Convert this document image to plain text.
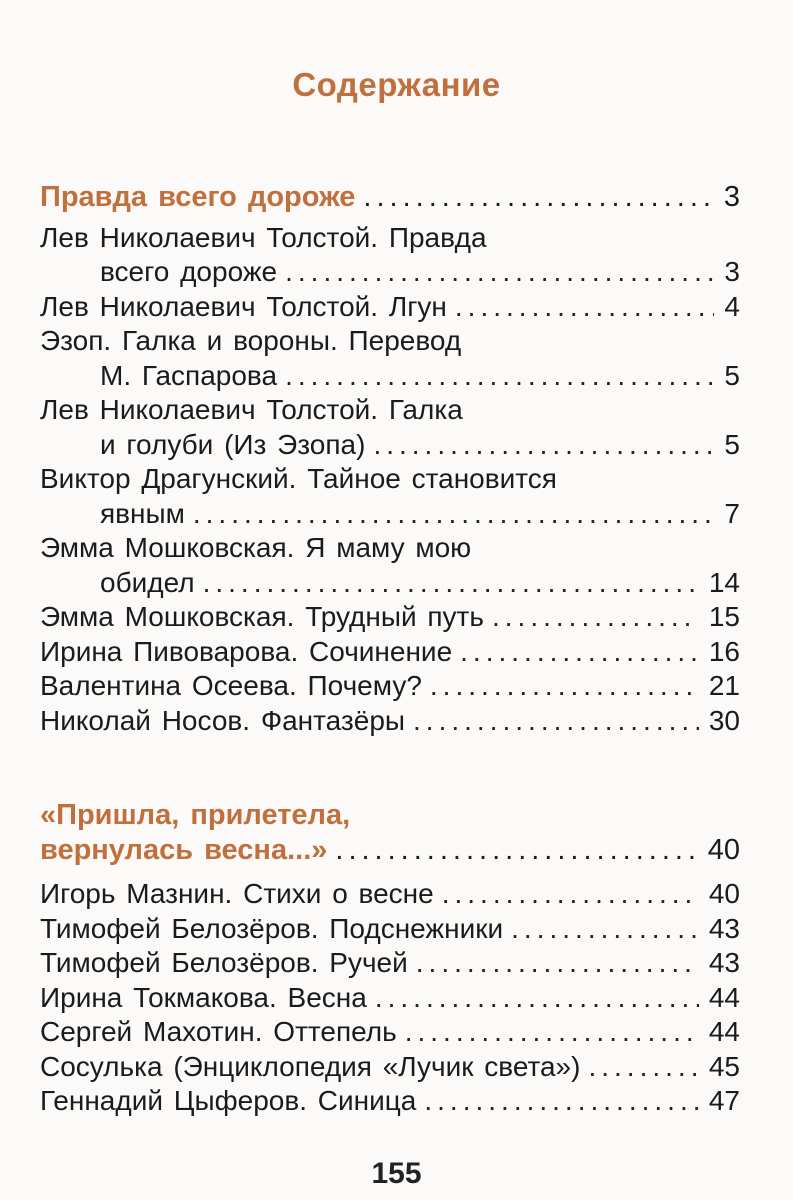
Содержание
Правда всего дороже .....	3
Лев Николаевич Толстой. Правда
всего дороже .....	3
Лев Николаевич Толстой. Лгун .....	4
Эзоп. Галка и вороны. Перевод
М. Гаспарова .....	5
Лев Николаевич Толстой. Галка
и голуби (Из Эзопа) .....	5
Виктор Драгунский. Тайное становится
явным .....	7
Эмма Мошковская. Я маму мою
обидел .....	14
Эмма Мошковская. Трудный путь .....	15
Ирина Пивоварова. Сочинение .....	16
Валентина Осеева. Почему? .....	21
Николай Носов. Фантазёры .....	30
«Пришла, прилетела,
вернулась весна...» .....	40
Игорь Мазнин. Стихи о весне .....	40
Тимофей Белозёров. Подснежники .....	43
Тимофей Белозёров. Ручей .....	43
Ирина Токмакова. Весна .....	44
Сергей Махотин. Оттепель .....	44
Сосулька (Энциклопедия «Лучик света») .....	45
Геннадий Цыферов. Синица .....	47
155
